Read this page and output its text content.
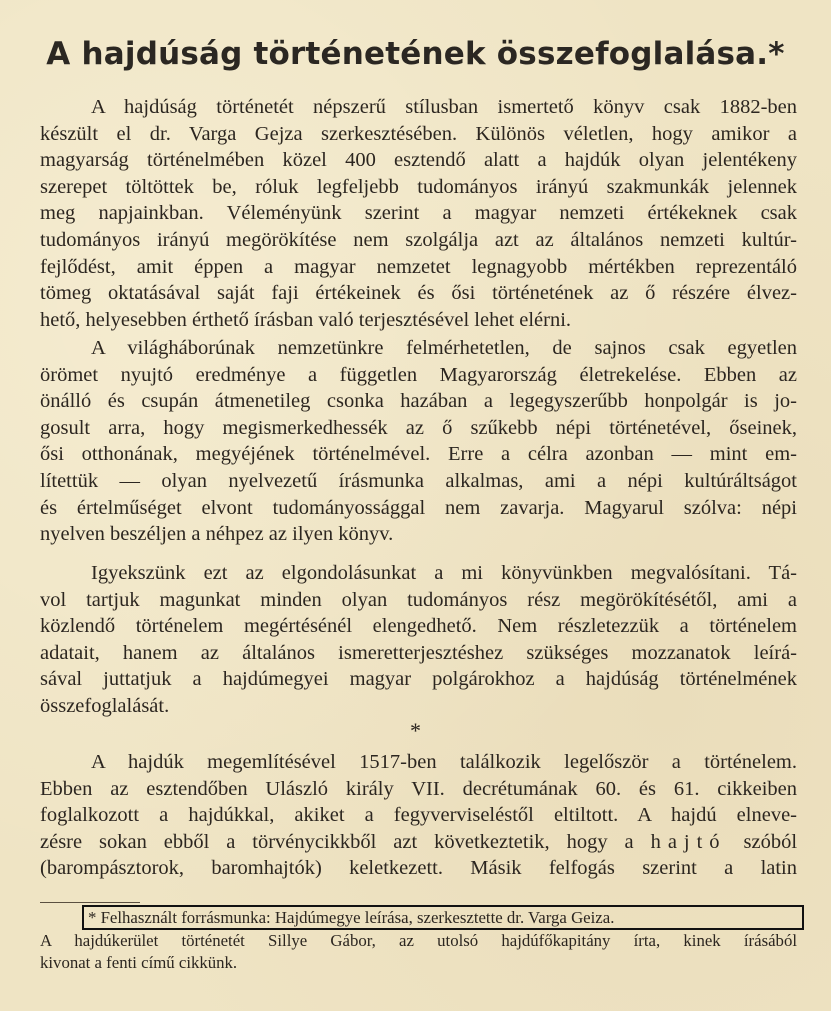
A hajdúság történetének összefoglalása.*
A hajdúság történetét népszerű stílusban ismertető könyv csak 1882-ben
készült el dr. Varga Gejza szerkesztésében. Különös véletlen, hogy amikor a
magyarság történelmében közel 400 esztendő alatt a hajdúk olyan jelentékeny
szerepet töltöttek be, róluk legfeljebb tudományos irányú szakmunkák jelennek
meg napjainkban. Véleményünk szerint a magyar nemzeti értékeknek csak
tudományos irányú megörökítése nem szolgálja azt az általános nemzeti kultúr-
fejlődést, amit éppen a magyar nemzetet legnagyobb mértékben reprezentáló
tömeg oktatásával saját faji értékeinek és ősi történetének az ő részére élvez-
hető, helyesebben érthető írásban való terjesztésével lehet elérni.
A világháborúnak nemzetünkre felmérhetetlen, de sajnos csak egyetlen
örömet nyujtó eredménye a független Magyarország életrekelése. Ebben az
önálló és csupán átmenetileg csonka hazában a legegyszerűbb honpolgár is jo-
gosult arra, hogy megismerkedhessék az ő szűkebb népi történetével, őseinek,
ősi otthonának, megyéjének történelmével. Erre a célra azonban — mint em-
lítettük — olyan nyelvezetű írásmunka alkalmas, ami a népi kultúráltságot
és értelműséget elvont tudományossággal nem zavarja. Magyarul szólva: népi
nyelven beszéljen a néhpez az ilyen könyv.
Igyekszünk ezt az elgondolásunkat a mi könyvünkben megvalósítani. Tá-
vol tartjuk magunkat minden olyan tudományos rész megörökítésétől, ami a
közlendő történelem megértésénél elengedhető. Nem részletezzük a történelem
adatait, hanem az általános ismeretterjesztéshez szükséges mozzanatok leírá-
sával juttatjuk a hajdúmegyei magyar polgárokhoz a hajdúság történelmének
összefoglalását.
*
A hajdúk megemlítésével 1517-ben találkozik legelőször a történelem.
Ebben az esztendőben Ulászló király VII. decrétumának 60. és 61. cikkeiben
foglalkozott a hajdúkkal, akiket a fegyverviseléstől eltiltott. A hajdú elneve-
zésre sokan ebből a törvénycikkből azt következtetik, hogy a hajtó szóból
(barompásztorok, baromhajtók) keletkezett. Másik felfogás szerint a latin
* Felhasznált forrásmunka: Hajdúmegye leírása, szerkesztette dr. Varga Geiza.
A hajdúkerület történetét Sillye Gábor, az utolsó hajdúfőkapitány írta, kinek írásából
kivonat a fenti című cikkünk.
